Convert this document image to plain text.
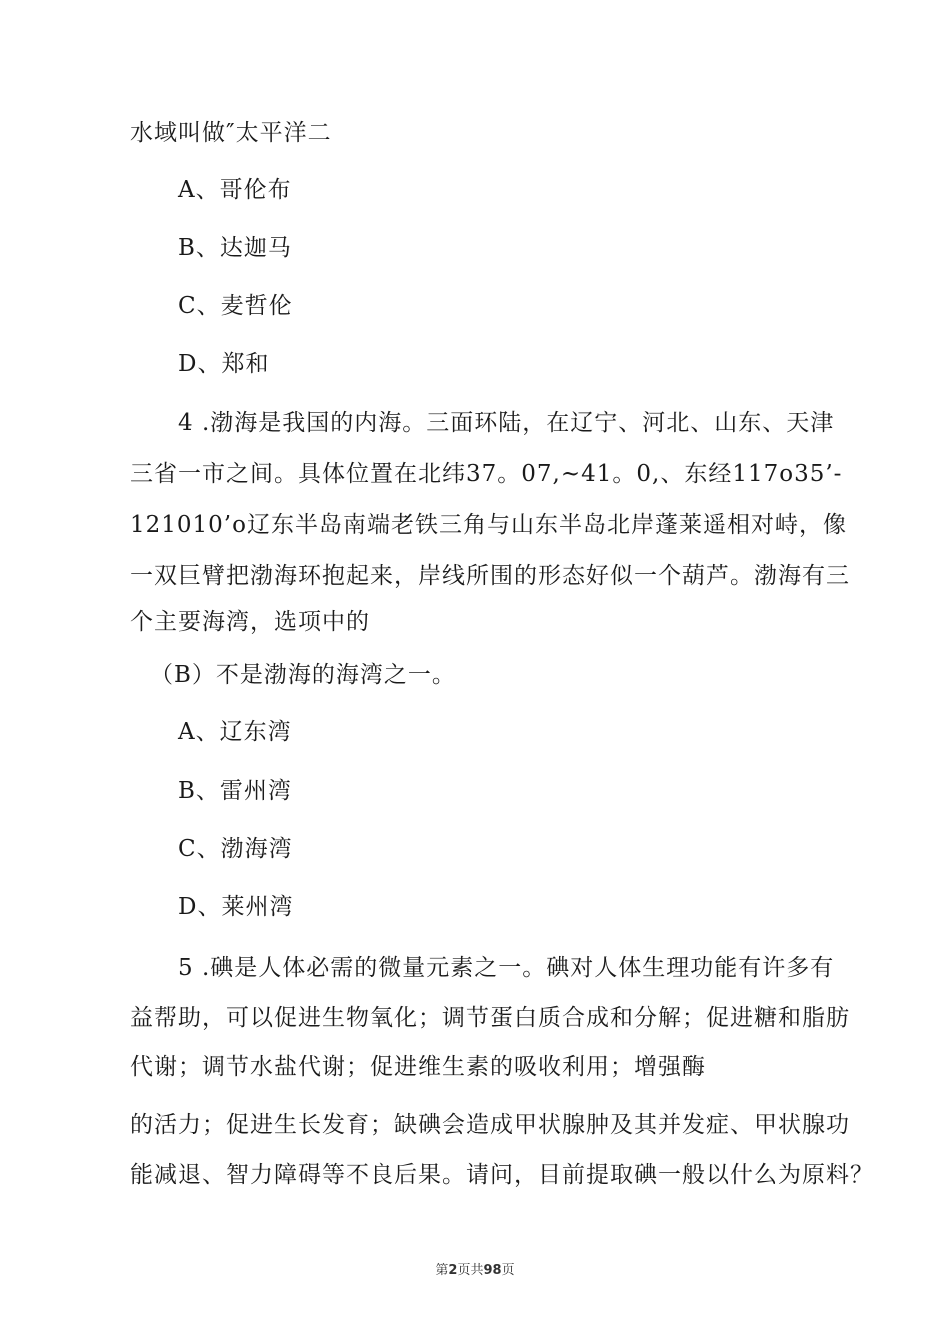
水域叫做″太平洋二
A、哥伦布
B、达迦马
C、麦哲伦
D、郑和
4 .渤海是我国的内海。三面环陆，在辽宁、河北、山东、天津
三省一市之间。具体位置在北纬37。07,~41。0,、东经117o35’-
121010’o辽东半岛南端老铁三角与山东半岛北岸蓬莱遥相对峙，像
一双巨臂把渤海环抱起来，岸线所围的形态好似一个葫芦。渤海有三
个主要海湾，选项中的
（B）不是渤海的海湾之一。
A、辽东湾
B、雷州湾
C、渤海湾
D、莱州湾
5 .碘是人体必需的微量元素之一。碘对人体生理功能有许多有
益帮助，可以促进生物氧化；调节蛋白质合成和分解；促进糖和脂肪
代谢；调节水盐代谢；促进维生素的吸收利用；增强酶
的活力；促进生长发育；缺碘会造成甲状腺肿及其并发症、甲状腺功
能减退、智力障碍等不良后果。请问，目前提取碘一般以什么为原料？
第2页共98页
